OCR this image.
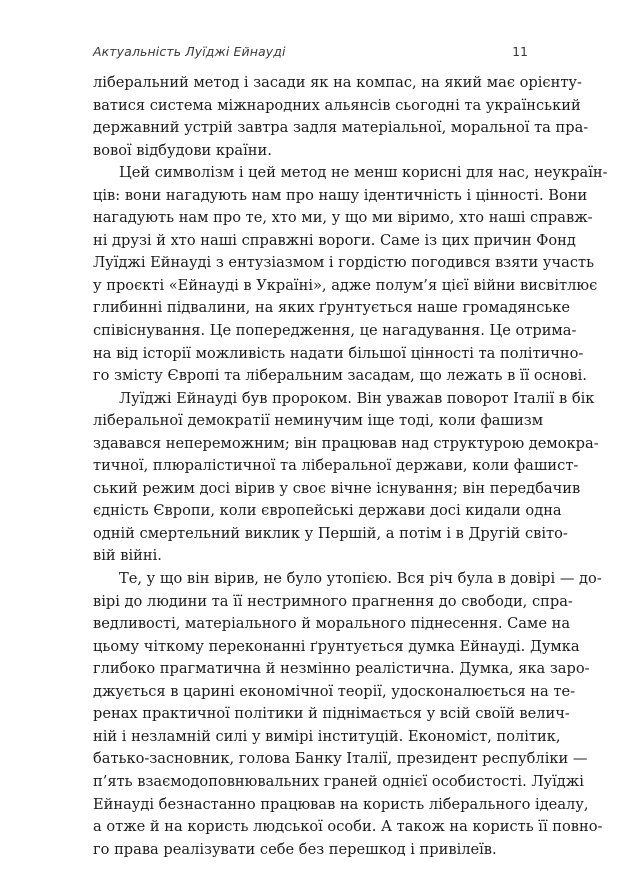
Актуальність Луїджі Ейнауді	11
ліберальний метод і засади як на компас, на який має орієнту-
ватися система міжнародних альянсів сьогодні та український
державний устрій завтра задля матеріальної, моральної та пра-
вової відбудови країни.
Цей символізм і цей метод не менш корисні для нас, неукраїн-
ців: вони нагадують нам про нашу ідентичність і цінності. Вони
нагадують нам про те, хто ми, у що ми віримо, хто наші справж-
ні друзі й хто наші справжні вороги. Саме із цих причин Фонд
Луїджі Ейнауді з ентузіазмом і гордістю погодився взяти участь
у проєкті «Ейнауді в Україні», адже полум’я цієї війни висвітлює
глибинні підвалини, на яких ґрунтується наше громадянське
співіснування. Це попередження, це нагадування. Це отрима-
на від історії можливість надати більшої цінності та політично-
го змісту Європі та ліберальним засадам, що лежать в її основі.
Луїджі Ейнауді був пророком. Він уважав поворот Італії в бік
ліберальної демократії неминучим іще тоді, коли фашизм
здавався непереможним; він працював над структурою демокра-
тичної, плюралістичної та ліберальної держави, коли фашист-
ський режим досі вірив у своє вічне існування; він передбачив
єдність Європи, коли європейські держави досі кидали одна
одній смертельний виклик у Першій, а потім і в Другій світо-
вій війні.
Те, у що він вірив, не було утопією. Вся річ була в довірі — до-
вірі до людини та її нестримного прагнення до свободи, спра-
ведливості, матеріального й морального піднесення. Саме на
цьому чіткому переконанні ґрунтується думка Ейнауді. Думка
глибоко прагматична й незмінно реалістична. Думка, яка заро-
джується в царині економічної теорії, удосконалюється на те-
ренах практичної політики й піднімається у всій своїй велич-
ній і незламній силі у вимірі інституцій. Економіст, політик,
батько-засновник, голова Банку Італії, президент республіки —
п’ять взаємодоповнювальних граней однієї особистості. Луїджі
Ейнауді безнастанно працював на користь ліберального ідеалу,
а отже й на користь людської особи. А також на користь її повно-
го права реалізувати себе без перешкод і привілеїв.
